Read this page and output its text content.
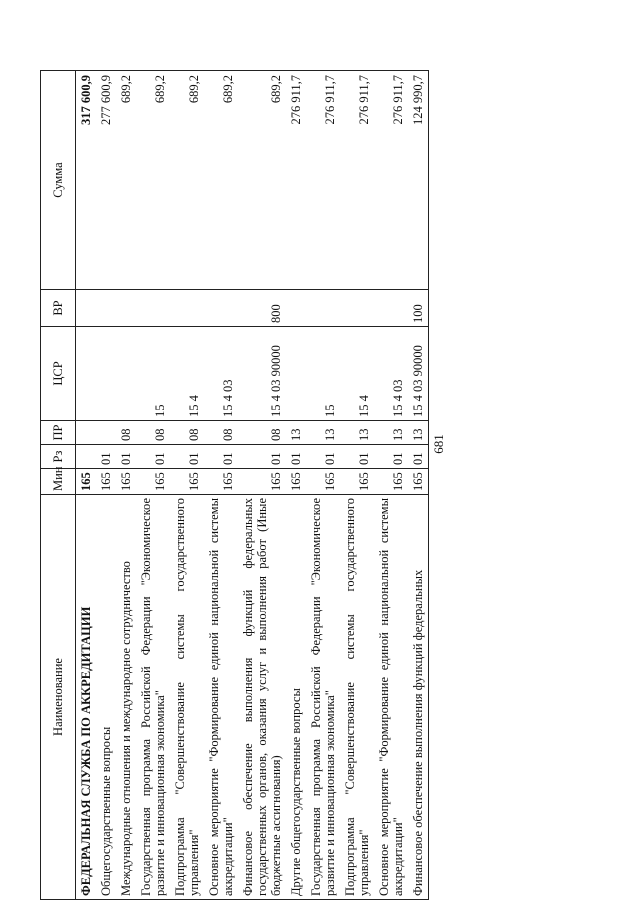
681
Наименование	Мин	Рз	ПР	ЦСР	ВР	Сумма
ФЕДЕРАЛЬНАЯ СЛУЖБА ПО АККРЕДИТАЦИИ	165					317 600,9
Общегосударственные вопросы	165	01				277 600,9
Международные отношения и международное сотрудничество	165	01	08			689,2
Государственная программа Российской Федерации "Экономическое развитие и инновационная экономика"	165	01	08	15		689,2
Подпрограмма "Совершенствование системы государственного управления"	165	01	08	15 4		689,2
Основное мероприятие "Формирование единой национальной системы аккредитации"	165	01	08	15 4 03		689,2
Финансовое обеспечение выполнения функций федеральных государственных органов, оказания услуг и выполнения работ (Иные бюджетные ассигнования)	165	01	08	15 4 03 90000	800	689,2
Другие общегосударственные вопросы	165	01	13			276 911,7
Государственная программа Российской Федерации "Экономическое развитие и инновационная экономика"	165	01	13	15		276 911,7
Подпрограмма "Совершенствование системы государственного управления"	165	01	13	15 4		276 911,7
Основное мероприятие "Формирование единой национальной системы аккредитации"	165	01	13	15 4 03		276 911,7
Финансовое обеспечение выполнения функций федеральных	165	01	13	15 4 03 90000	100	124 990,7
